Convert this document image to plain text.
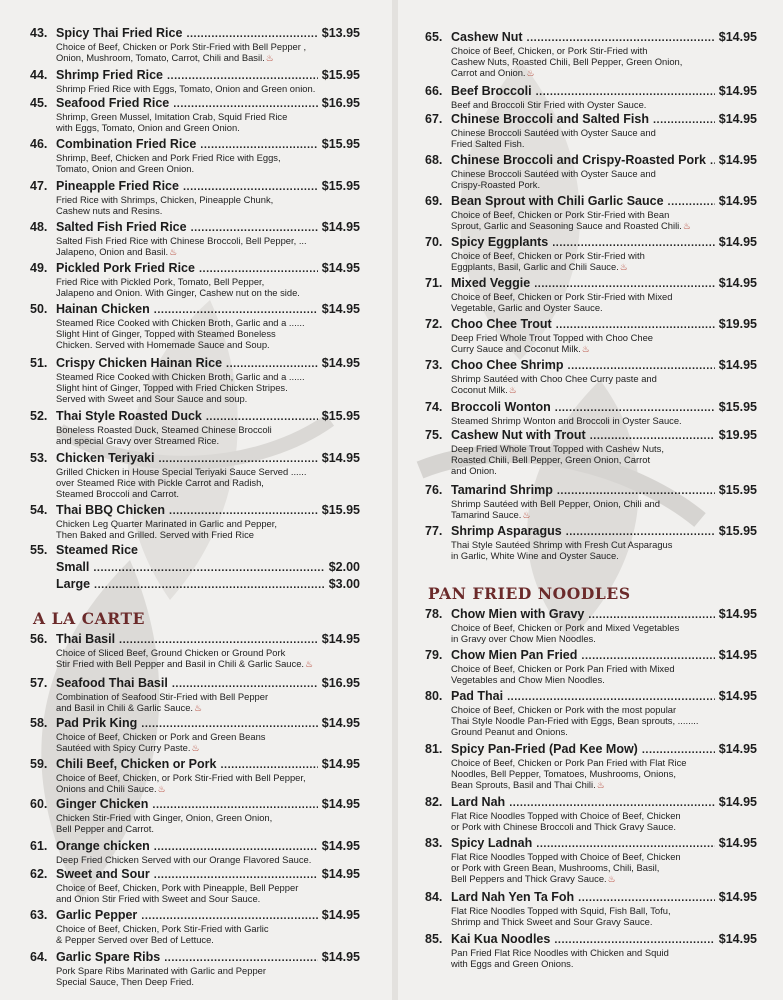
43. Spicy Thai Fried Rice .....	$13.95
Choice of Beef, Chicken or Pork Stir-Fried with Bell Pepper ,
Onion, Mushroom, Tomato, Carrot, Chili and Basil.♨
44. Shrimp Fried Rice .....	$15.95
Shrimp Fried Rice with Eggs, Tomato, Onion and Green onion.
45. Seafood Fried Rice .....	$16.95
Shrimp, Green Mussel, Imitation Crab, Squid Fried Rice
with Eggs, Tomato, Onion and Green Onion.
46. Combination Fried Rice .....	$15.95
Shrimp, Beef, Chicken and Pork Fried Rice with Eggs,
Tomato, Onion and Green Onion.
47. Pineapple Fried Rice .....	$15.95
Fried Rice with Shrimps, Chicken, Pineapple Chunk,
Cashew nuts and Resins.
48. Salted Fish Fried Rice .....	$14.95
Salted Fish Fried Rice with Chinese Broccoli, Bell Pepper, ...
Jalapeno, Onion and Basil.♨
49. Pickled Pork Fried Rice .....	$14.95
Fried Rice with Pickled Pork, Tomato, Bell Pepper,
Jalapeno and Onion. With Ginger, Cashew nut on the side.
50. Hainan Chicken .....	$14.95
Steamed Rice Cooked with Chicken Broth, Garlic and a ......
Slight Hint of Ginger, Topped with Steamed Boneless
Chicken. Served with Homemade Sauce and Soup.
51. Crispy Chicken Hainan Rice .....	$14.95
Steamed Rice Cooked with Chicken Broth, Garlic and a ......
Slight hint of Ginger, Topped with Fried Chicken Stripes.
Served with Sweet and Sour Sauce and soup.
52. Thai Style Roasted Duck .....	$15.95
Boneless Roasted Duck, Steamed Chinese Broccoli
and special Gravy over Streamed Rice.
53. Chicken Teriyaki .....	$14.95
Grilled Chicken in House Special Teriyaki Sauce Served ......
over Steamed Rice with Pickle Carrot and Radish,
Steamed Broccoli and Carrot.
54. Thai BBQ Chicken .....	$15.95
Chicken Leg Quarter Marinated in Garlic and Pepper,
Then Baked and Grilled. Served with Fried Rice
55. Steamed Rice
Small .....	$2.00
Large .....	$3.00
A LA CARTE
56. Thai Basil .....	$14.95
Choice of Sliced Beef, Ground Chicken or Ground Pork
Stir Fried with Bell Pepper and Basil in Chili & Garlic Sauce.♨
57. Seafood Thai Basil .....	$16.95
Combination of Seafood Stir-Fried with Bell Pepper
and Basil in Chili & Garlic Sauce.♨
58. Pad Prik King .....	$14.95
Choice of Beef, Chicken or Pork and Green Beans
Sautéed with Spicy Curry Paste.♨
59. Chili Beef, Chicken or Pork .....	$14.95
Choice of Beef, Chicken, or Pork Stir-Fried with Bell Pepper,
Onions and Chili Sauce.♨
60. Ginger Chicken .....	$14.95
Chicken Stir-Fried with Ginger, Onion, Green Onion,
Bell Pepper and Carrot.
61. Orange chicken .....	$14.95
Deep Fried Chicken Served with our Orange Flavored Sauce.
62. Sweet and Sour .....	$14.95
Choice of Beef, Chicken, Pork with Pineapple, Bell Pepper
and Onion Stir Fried with Sweet and Sour Sauce.
63. Garlic Pepper .....	$14.95
Choice of Beef, Chicken, Pork Stir-Fried with Garlic
& Pepper Served over Bed of Lettuce.
64. Garlic Spare Ribs .....	$14.95
Pork Spare Ribs Marinated with Garlic and Pepper
Special Sauce, Then Deep Fried.
65. Cashew Nut .....	$14.95
Choice of Beef, Chicken, or Pork Stir-Fried with
Cashew Nuts, Roasted Chili, Bell Pepper, Green Onion,
Carrot and Onion.♨
66. Beef Broccoli .....	$14.95
Beef and Broccoli Stir Fried with Oyster Sauce.
67. Chinese Broccoli and Salted Fish .....	$14.95
Chinese Broccoli Sautéed with Oyster Sauce and
Fried Salted Fish.
68. Chinese Broccoli and Crispy-Roasted Pork ..... $14.95
Chinese Broccoli Sautéed with Oyster Sauce and
Crispy-Roasted Pork.
69. Bean Sprout with Chili Garlic Sauce .....	$14.95
Choice of Beef, Chicken or Pork Stir-Fried with Bean
Sprout, Garlic and Seasoning Sauce and Roasted Chili.♨
70. Spicy Eggplants .....	$14.95
Choice of Beef, Chicken or Pork Stir-Fried with
Eggplants, Basil, Garlic and Chili Sauce.♨
71. Mixed Veggie .....	$14.95
Choice of Beef, Chicken or Pork Stir-Fried with Mixed
Vegetable, Garlic and Oyster Sauce.
72. Choo Chee Trout .....	$19.95
Deep Fried Whole Trout Topped with Choo Chee
Curry Sauce and Coconut Milk.♨
73. Choo Chee Shrimp .....	$14.95
Shrimp Sautéed with Choo Chee Curry paste and
Coconut Milk.♨
74. Broccoli Wonton .....	$15.95
Steamed Shrimp Wonton and Broccoli in Oyster Sauce.
75. Cashew Nut with Trout .....	$19.95
Deep Fried Whole Trout Topped with Cashew Nuts,
Roasted Chili, Bell Pepper, Green Onion, Carrot
and Onion.
76. Tamarind Shrimp .....	$15.95
Shrimp Sautéed with Bell Pepper, Onion, Chili and
Tamarind Sauce.♨
77. Shrimp Asparagus .....	$15.95
Thai Style Sautéed Shrimp with Fresh Cut Asparagus
in Garlic, White Wine and Oyster Sauce.
PAN FRIED NOODLES
78. Chow Mien with Gravy .....	$14.95
Choice of Beef, Chicken or Pork and Mixed Vegetables
in Gravy over Chow Mien Noodles.
79. Chow Mien Pan Fried .....	$14.95
Choice of Beef, Chicken or Pork Pan Fried with Mixed
Vegetables and Chow Mien Noodles.
80. Pad Thai .....	$14.95
Choice of Beef, Chicken or Pork with the most popular
Thai Style Noodle Pan-Fried with Eggs, Bean sprouts, ........
Ground Peanut and Onions.
81. Spicy Pan-Fried (Pad Kee Mow) .....	$14.95
Choice of Beef, Chicken or Pork Pan Fried with Flat Rice
Noodles, Bell Pepper, Tomatoes, Mushrooms, Onions,
Bean Sprouts, Basil and Thai Chili.♨
82. Lard Nah .....	$14.95
Flat Rice Noodles Topped with Choice of Beef, Chicken
or Pork with Chinese Broccoli and Thick Gravy Sauce.
83. Spicy Ladnah .....	$14.95
Flat Rice Noodles Topped with Choice of Beef, Chicken
or Pork with Green Bean, Mushrooms, Chili, Basil,
Bell Peppers and Thick Gravy Sauce.♨
84. Lard Nah Yen Ta Foh .....	$14.95
Flat Rice Noodles Topped with Squid, Fish Ball, Tofu,
Shrimp and Thick Sweet and Sour Gravy Sauce.
85. Kai Kua Noodles .....	$14.95
Pan Fried Flat Rice Noodles with Chicken and Squid
with Eggs and Green Onions.
